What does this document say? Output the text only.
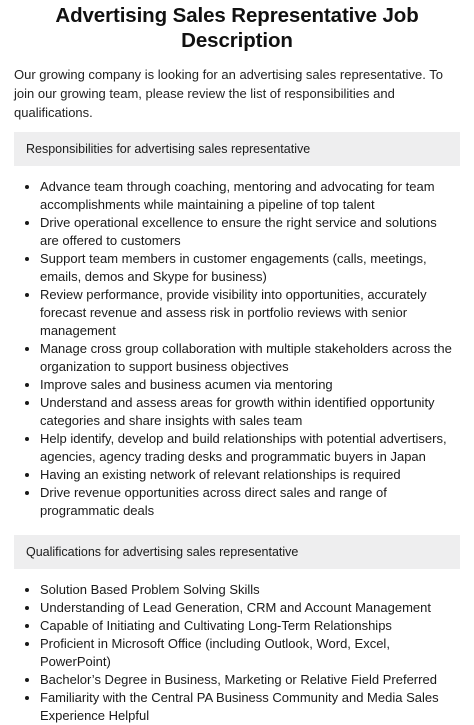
Advertising Sales Representative Job Description

Our growing company is looking for an advertising sales representative. To join our growing team, please review the list of responsibilities and qualifications.

Responsibilities for advertising sales representative
Advance team through coaching, mentoring and advocating for team accomplishments while maintaining a pipeline of top talent
Drive operational excellence to ensure the right service and solutions are offered to customers
Support team members in customer engagements (calls, meetings, emails, demos and Skype for business)
Review performance, provide visibility into opportunities, accurately forecast revenue and assess risk in portfolio reviews with senior management
Manage cross group collaboration with multiple stakeholders across the organization to support business objectives
Improve sales and business acumen via mentoring
Understand and assess areas for growth within identified opportunity categories and share insights with sales team
Help identify, develop and build relationships with potential advertisers, agencies, agency trading desks and programmatic buyers in Japan
Having an existing network of relevant relationships is required
Drive revenue opportunities across direct sales and range of programmatic deals
Qualifications for advertising sales representative
Solution Based Problem Solving Skills
Understanding of Lead Generation, CRM and Account Management
Capable of Initiating and Cultivating Long-Term Relationships
Proficient in Microsoft Office (including Outlook, Word, Excel, PowerPoint)
Bachelor’s Degree in Business, Marketing or Relative Field Preferred
Familiarity with the Central PA Business Community and Media Sales Experience Helpful
